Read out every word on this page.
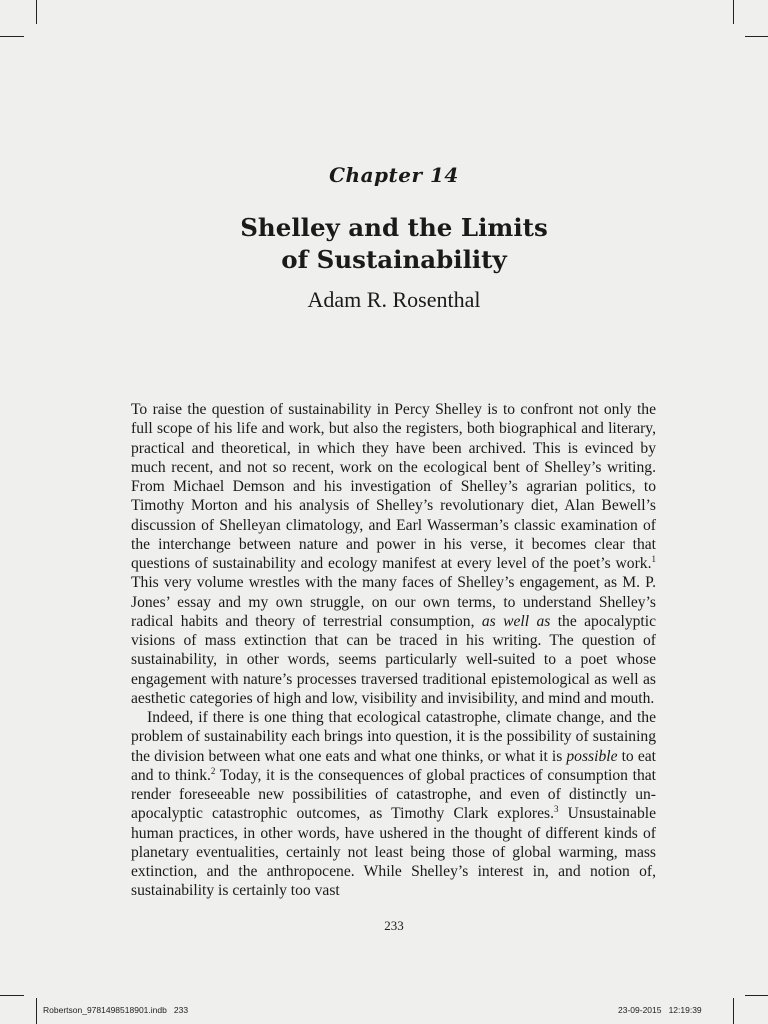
Chapter 14
Shelley and the Limits
of Sustainability
Adam R. Rosenthal

To raise the question of sustainability in Percy Shelley is to confront not only the full scope of his life and work, but also the registers, both biographical and literary, practical and theoretical, in which they have been archived. This is evinced by much recent, and not so recent, work on the ecological bent of Shelley’s writing. From Michael Demson and his investigation of Shelley’s agrarian politics, to Timothy Morton and his analysis of Shelley’s revolutionary diet, Alan Bewell’s discussion of Shelleyan climatology, and Earl Wasserman’s classic examination of the interchange between nature and power in his verse, it becomes clear that questions of sustainability and ecology manifest at every level of the poet’s work.$^1$ This very volume wrestles with the many faces of Shelley’s engagement, as M. P. Jones’ essay and my own struggle, on our own terms, to understand Shelley’s radical habits and theory of terrestrial consumption, as well as the apocalyptic visions of mass extinction that can be traced in his writing. The question of sustainability, in other words, seems particularly well-suited to a poet whose engagement with nature’s processes traversed traditional epistemological as well as aesthetic categories of high and low, visibility and invisibility, and mind and mouth.

Indeed, if there is one thing that ecological catastrophe, climate change, and the problem of sustainability each brings into question, it is the possibility of sustaining the division between what one eats and what one thinks, or what it is possible to eat and to think.$^2$ Today, it is the consequences of global practices of consumption that render foreseeable new possibilities of catastrophe, and even of distinctly un-apocalyptic catastrophic outcomes, as Timothy Clark explores.$^3$ Unsustainable human practices, in other words, have ushered in the thought of different kinds of planetary eventualities, certainly not least being those of global warming, mass extinction, and the anthropocene. While Shelley’s interest in, and notion of, sustainability is certainly too vast

233
Robertson_9781498518901.indb   233	23-09-2015   12:19:39
